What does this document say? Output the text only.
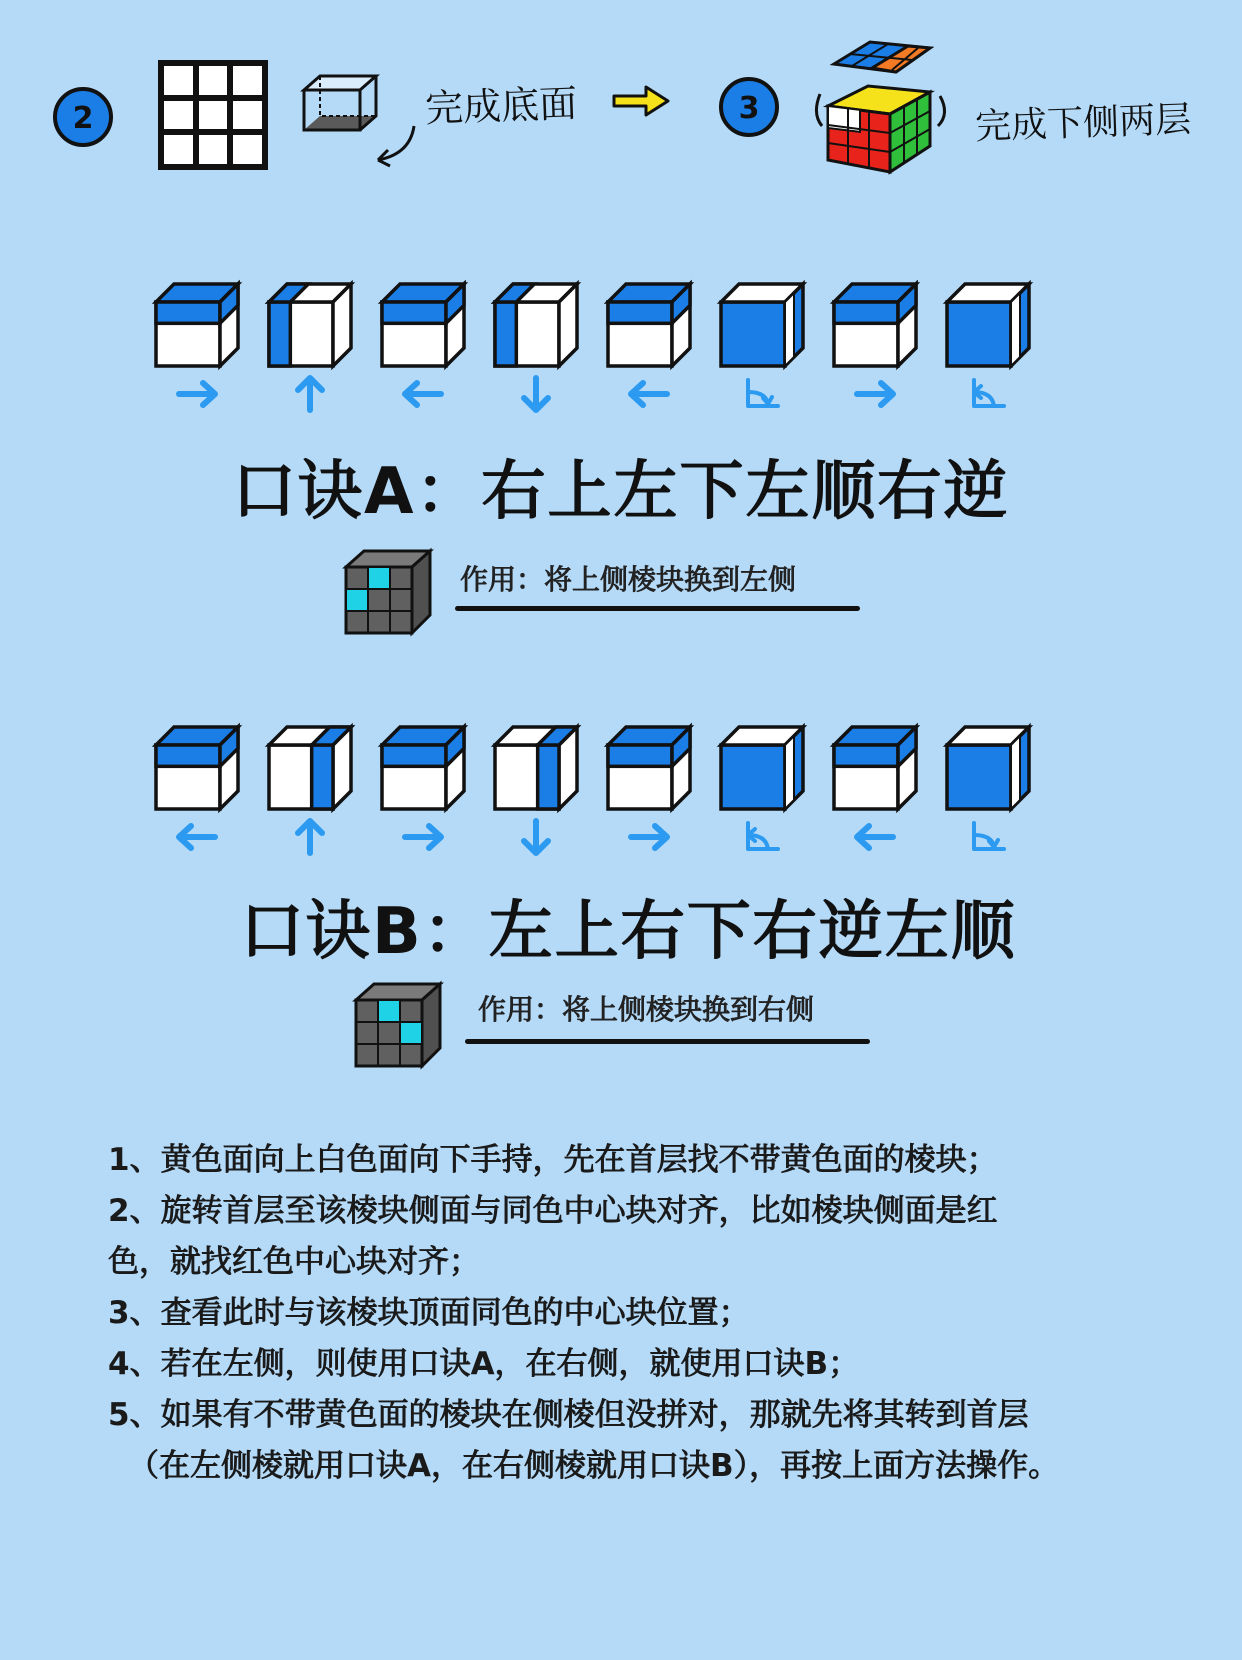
2	完成底面	3	完成下侧两层
口诀A：右上左下左顺右逆
作用：将上侧棱块换到左侧
口诀B：左上右下右逆左顺
作用：将上侧棱块换到右侧

1、黄色面向上白色面向下手持，先在首层找不带黄色面的棱块；

2、旋转首层至该棱块侧面与同色中心块对齐，比如棱块侧面是红

色，就找红色中心块对齐；

3、查看此时与该棱块顶面同色的中心块位置；

4、若在左侧，则使用口诀A，在右侧，就使用口诀B；

5、如果有不带黄色面的棱块在侧棱但没拼对，那就先将其转到首层

（在左侧棱就用口诀A，在右侧棱就用口诀B），再按上面方法操作。
